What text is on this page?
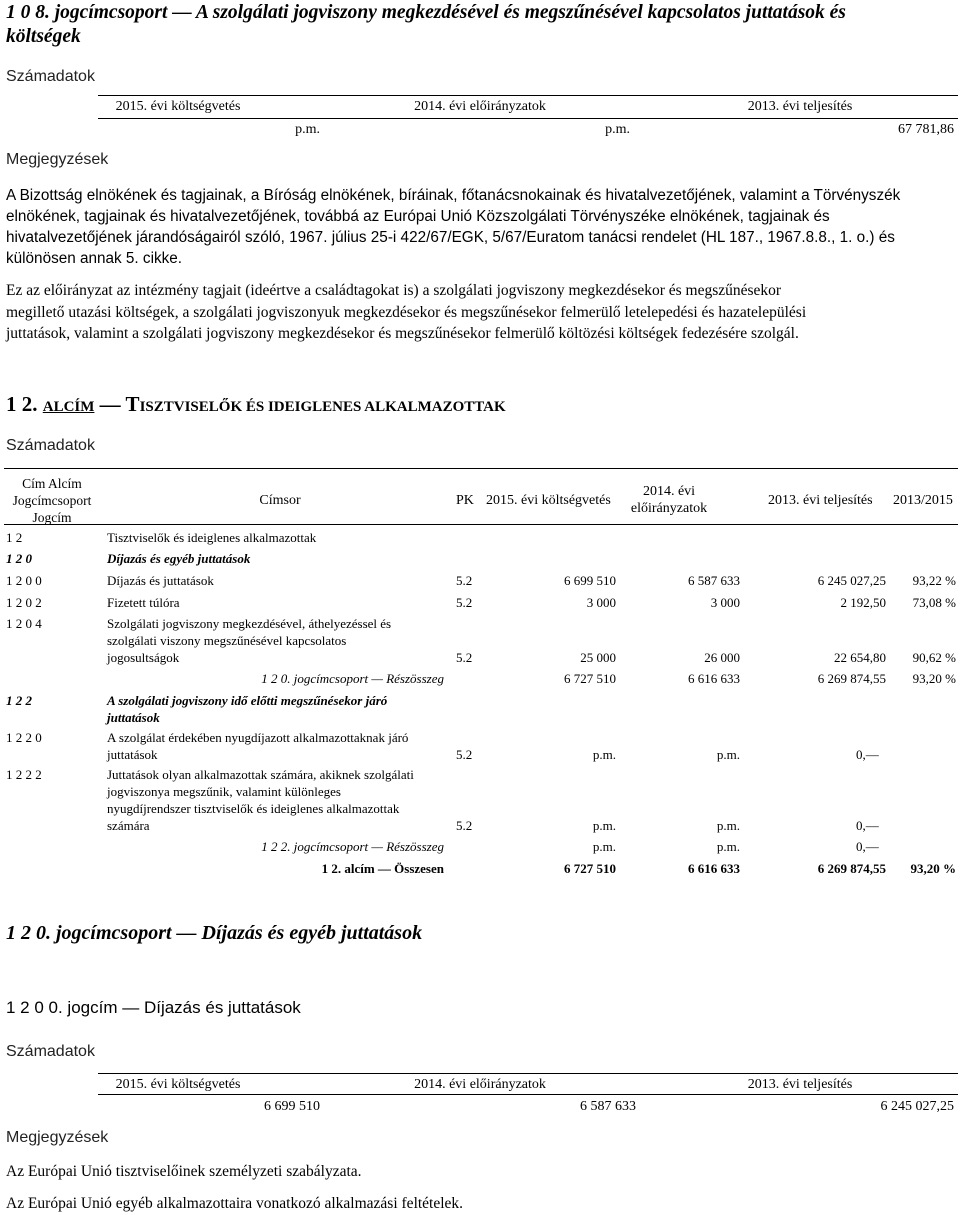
1 0 8. jogcímcsoport — A szolgálati jogviszony megkezdésével és megszűnésével kapcsolatos juttatások és
költségek
Számadatok
2015. évi költségvetés	2014. évi előirányzatok	2013. évi teljesítés
p.m.	p.m.	67 781,86
Megjegyzések
A Bizottság elnökének és tagjainak, a Bíróság elnökének, bíráinak, főtanácsnokainak és hivatalvezetőjének, valamint a Törvényszék
elnökének, tagjainak és hivatalvezetőjének, továbbá az Európai Unió Közszolgálati Törvényszéke elnökének, tagjainak és
hivatalvezetőjének járandóságairól szóló, 1967. július 25-i 422/67/EGK, 5/67/Euratom tanácsi rendelet (HL 187., 1967.8.8., 1. o.) és
különösen annak 5. cikke.
Ez az előirányzat az intézmény tagjait (ideértve a családtagokat is) a szolgálati jogviszony megkezdésekor és megszűnésekor
megillető utazási költségek, a szolgálati jogviszonyuk megkezdésekor és megszűnésekor felmerülő letelepedési és hazatelepülési
juttatások, valamint a szolgálati jogviszony megkezdésekor és megszűnésekor felmerülő költözési költségek fedezésére szolgál.
1 2. ALCÍM — TISZTVISELŐK ÉS IDEIGLENES ALKALMAZOTTAK
Számadatok
Cím Alcím
Jogcímcsoport
Jogcím
Címsor	PK 2015. évi költségvetés
2014. évi
előirányzatok
2013. évi teljesítés 2013/2015
1 2	Tisztviselők és ideiglenes alkalmazottak
1 2 0	Díjazás és egyéb juttatások
1 2 0 0	Díjazás és juttatások	5.2	6 699 510	6 587 633	6 245 027,25	93,22 %
1 2 0 2	Fizetett túlóra	5.2	3 000	3 000	2 192,50	73,08 %
1 2 0 4	Szolgálati jogviszony megkezdésével, áthelyezéssel és
szolgálati viszony megszűnésével kapcsolatos
jogosultságok	5.2	25 000	26 000	22 654,80	90,62 %
1 2 0. jogcímcsoport — Részösszeg	6 727 510	6 616 633	6 269 874,55	93,20 %
1 2 2	A szolgálati jogviszony idő előtti megszűnésekor járó
juttatások
1 2 2 0	A szolgálat érdekében nyugdíjazott alkalmazottaknak járó
juttatások	5.2	p.m.	p.m.	0,—
1 2 2 2	Juttatások olyan alkalmazottak számára, akiknek szolgálati
jogviszonya megszűnik, valamint különleges
nyugdíjrendszer tisztviselők és ideiglenes alkalmazottak
számára	5.2	p.m.	p.m.	0,—
1 2 2. jogcímcsoport — Részösszeg	p.m.	p.m.	0,—
1 2. alcím — Összesen	6 727 510	6 616 633	6 269 874,55	93,20 %
1 2 0. jogcímcsoport — Díjazás és egyéb juttatások
1 2 0 0. jogcím — Díjazás és juttatások
Számadatok
2015. évi költségvetés	2014. évi előirányzatok	2013. évi teljesítés
6 699 510	6 587 633	6 245 027,25
Megjegyzések
Az Európai Unió tisztviselőinek személyzeti szabályzata.
Az Európai Unió egyéb alkalmazottaira vonatkozó alkalmazási feltételek.
